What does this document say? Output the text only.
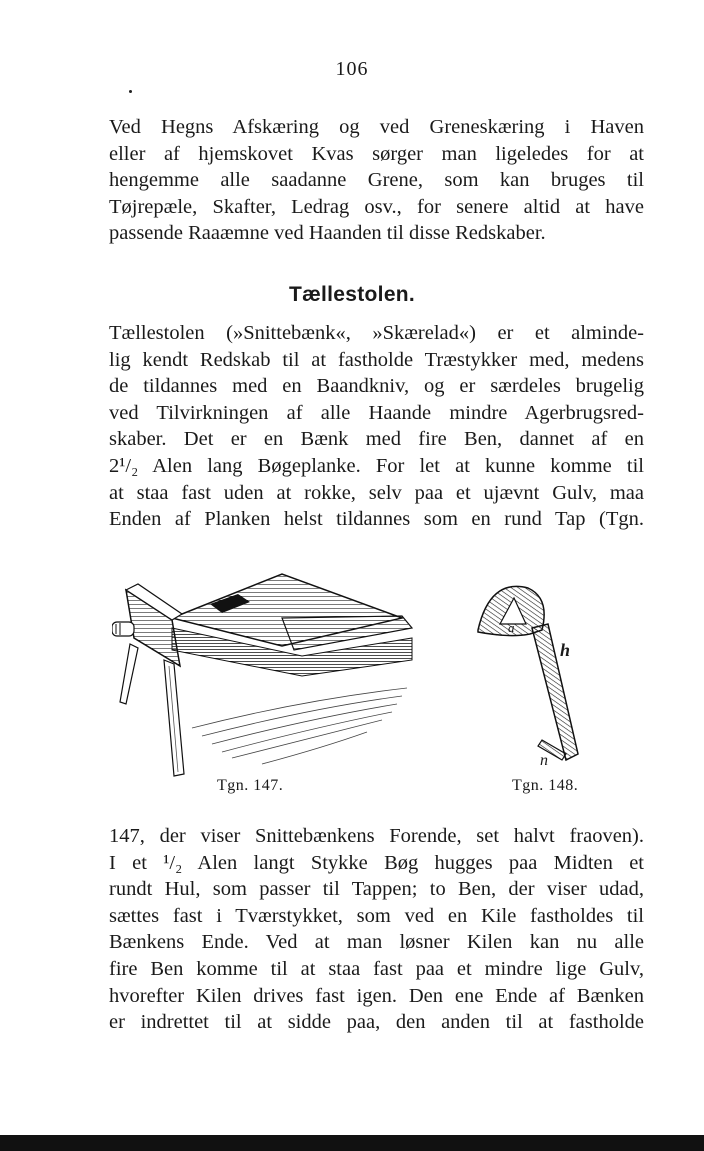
106
Ved Hegns Afskæring og ved Greneskæring i Haven
eller af hjemskovet Kvas sørger man ligeledes for at
hengemme alle saadanne Grene, som kan bruges til
Tøjrepæle, Skafter, Ledrag osv., for senere altid at have
passende Raaæmne ved Haanden til disse Redskaber.
Tællestolen.
Tællestolen (»Snittebænk«, »Skærelad«) er et alminde-
lig kendt Redskab til at fastholde Træstykker med, medens
de tildannes med en Baandkniv, og er særdeles brugelig
ved Tilvirkningen af alle Haande mindre Agerbrugsred-
skaber. Det er en Bænk med fire Ben, dannet af en
2¹/₂ Alen lang Bøgeplanke. For let at kunne komme til
at staa fast uden at rokke, selv paa et ujævnt Gulv, maa
Enden af Planken helst tildannes som en rund Tap (Tgn.
Tgn. 147.
a
h
n
Tgn. 148.
147, der viser Snittebænkens Forende, set halvt fraoven).
I et ¹/₂ Alen langt Stykke Bøg hugges paa Midten et
rundt Hul, som passer til Tappen; to Ben, der viser udad,
sættes fast i Tværstykket, som ved en Kile fastholdes til
Bænkens Ende. Ved at man løsner Kilen kan nu alle
fire Ben komme til at staa fast paa et mindre lige Gulv,
hvorefter Kilen drives fast igen. Den ene Ende af Bænken
er indrettet til at sidde paa, den anden til at fastholde
